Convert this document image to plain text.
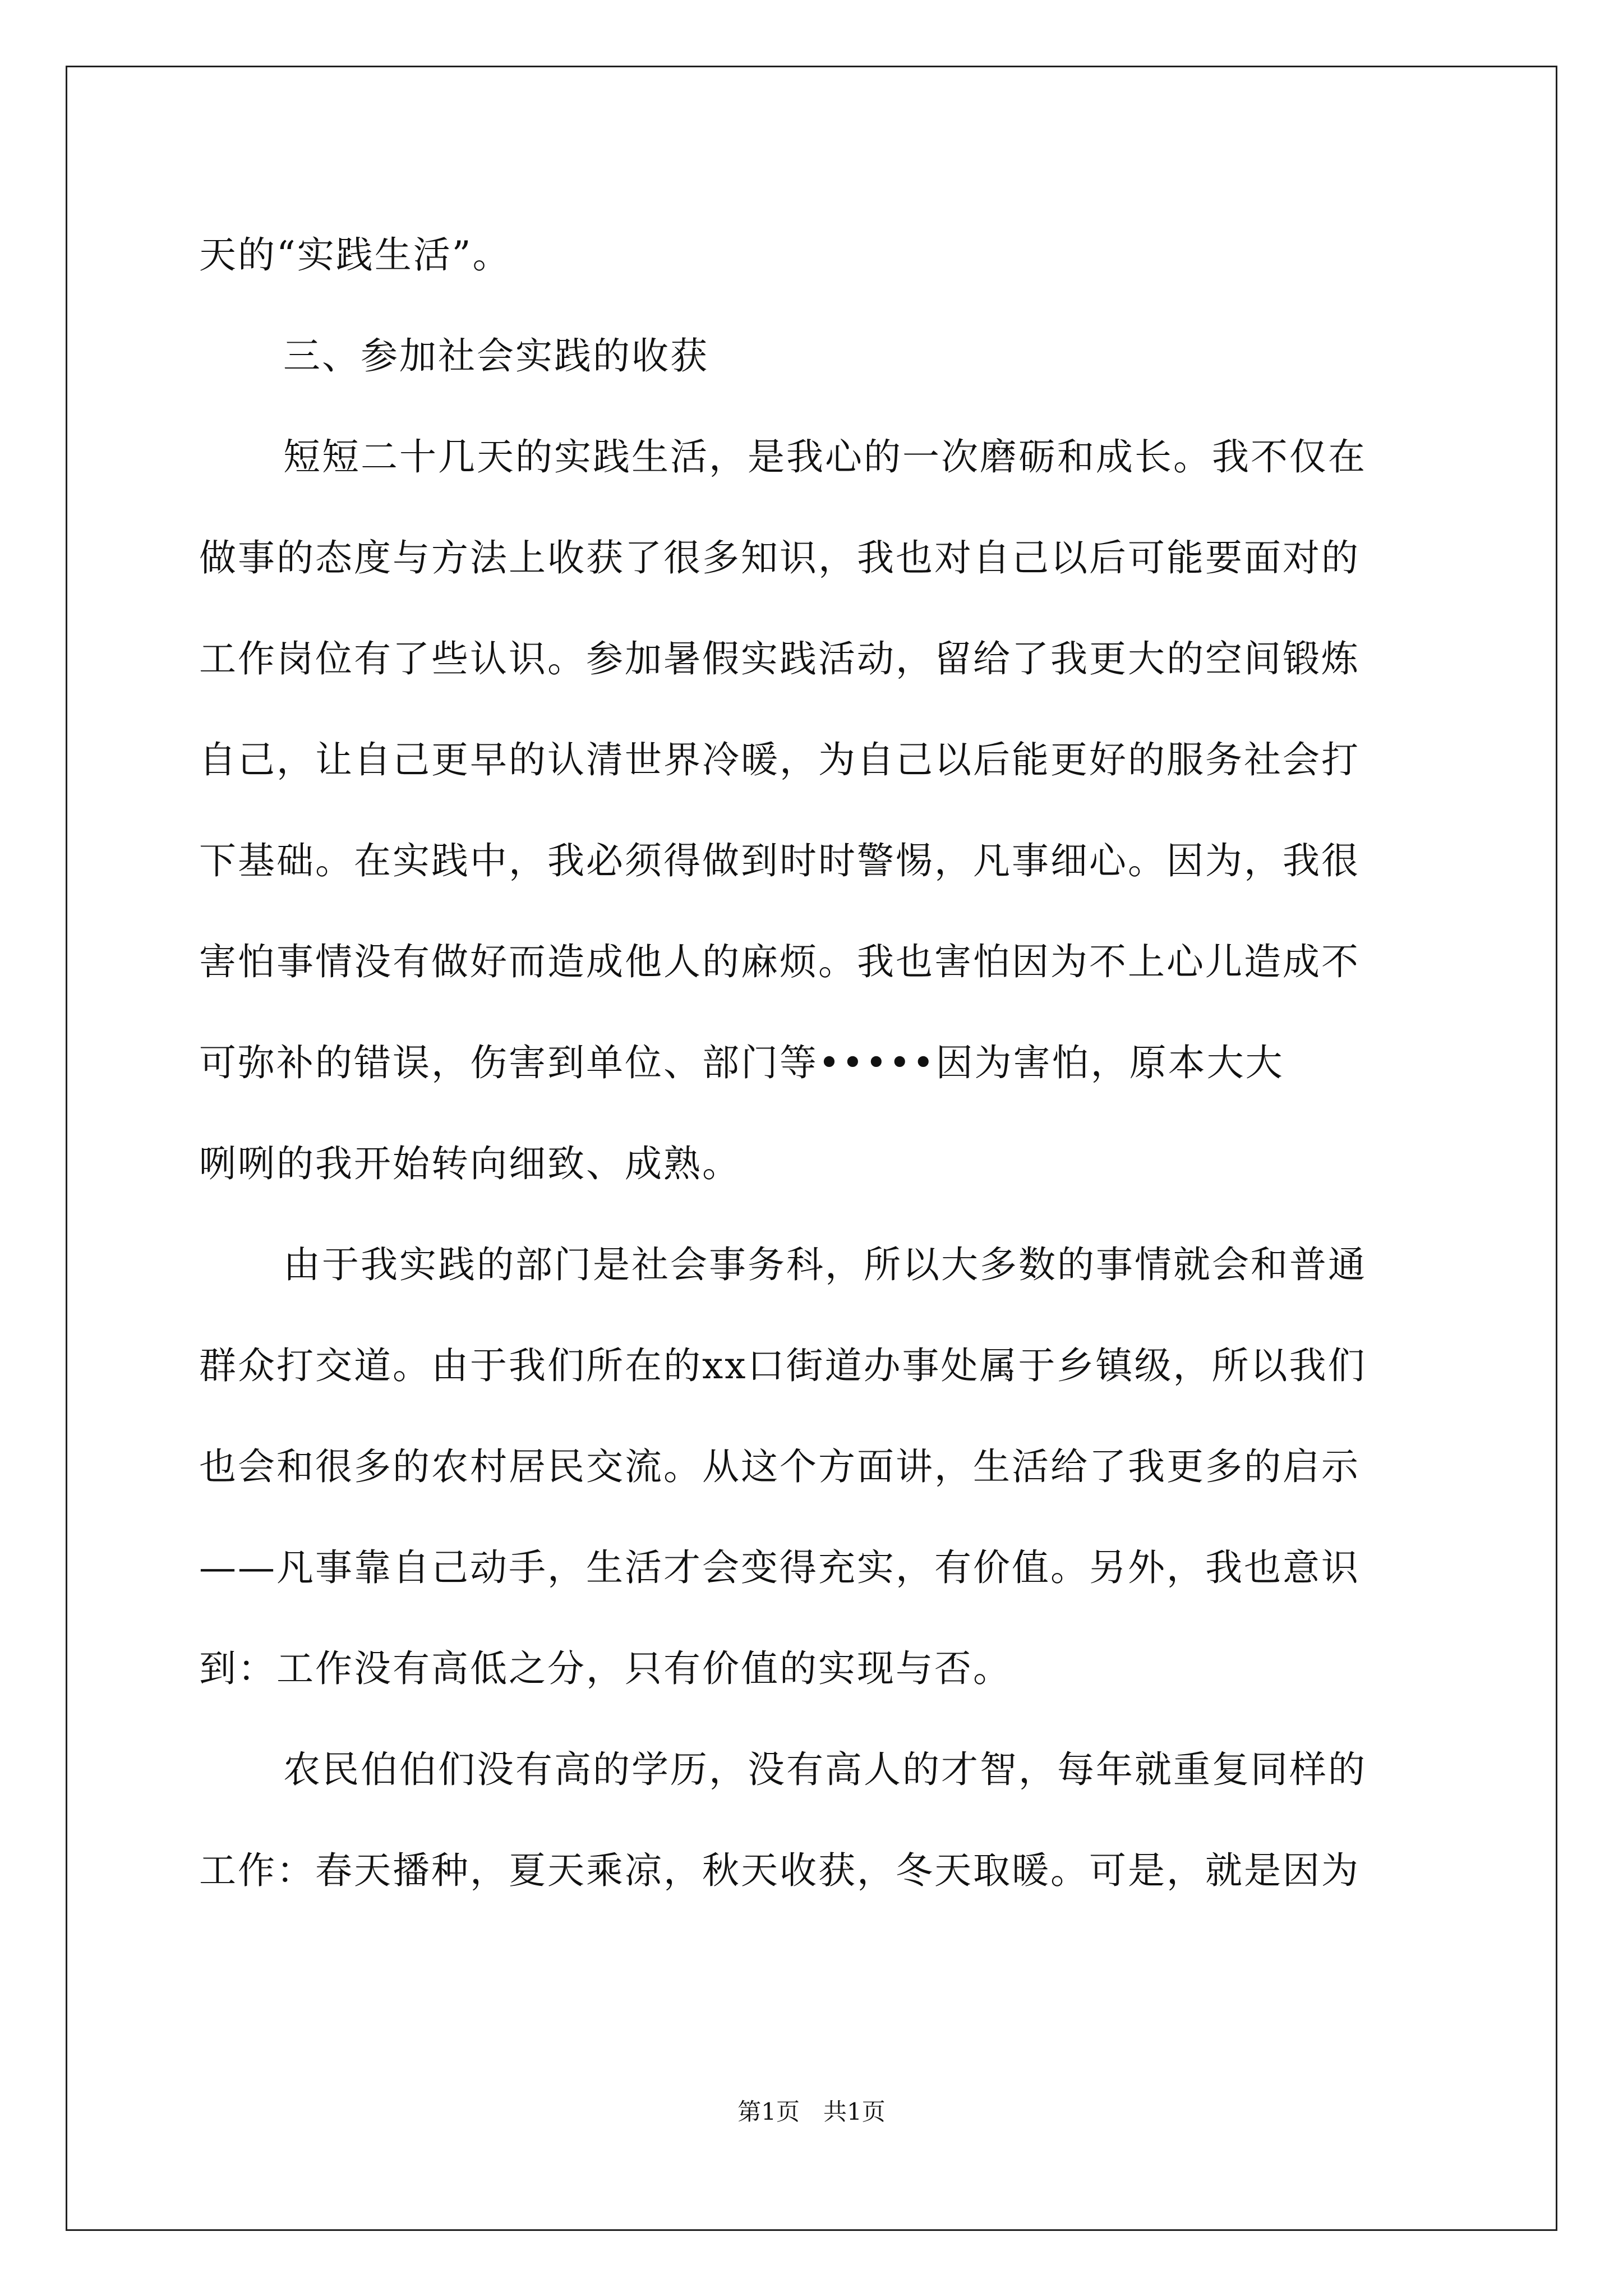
天的“实践生活”。
三、参加社会实践的收获
短短二十几天的实践生活，是我心的一次磨砺和成长。我不仅在
做事的态度与方法上收获了很多知识，我也对自己以后可能要面对的
工作岗位有了些认识。参加暑假实践活动，留给了我更大的空间锻炼
自己，让自己更早的认清世界冷暖，为自己以后能更好的服务社会打
下基础。在实践中，我必须得做到时时警惕，凡事细心。因为，我很
害怕事情没有做好而造成他人的麻烦。我也害怕因为不上心儿造成不
可弥补的错误，伤害到单位、部门等•••••因为害怕，原本大大
咧咧的我开始转向细致、成熟。
由于我实践的部门是社会事务科，所以大多数的事情就会和普通
群众打交道。由于我们所在的xx口街道办事处属于乡镇级，所以我们
也会和很多的农村居民交流。从这个方面讲，生活给了我更多的启示
——凡事靠自己动手，生活才会变得充实，有价值。另外，我也意识
到：工作没有高低之分，只有价值的实现与否。
农民伯伯们没有高的学历，没有高人的才智，每年就重复同样的
工作：春天播种，夏天乘凉，秋天收获，冬天取暖。可是，就是因为
第1页　共1页
